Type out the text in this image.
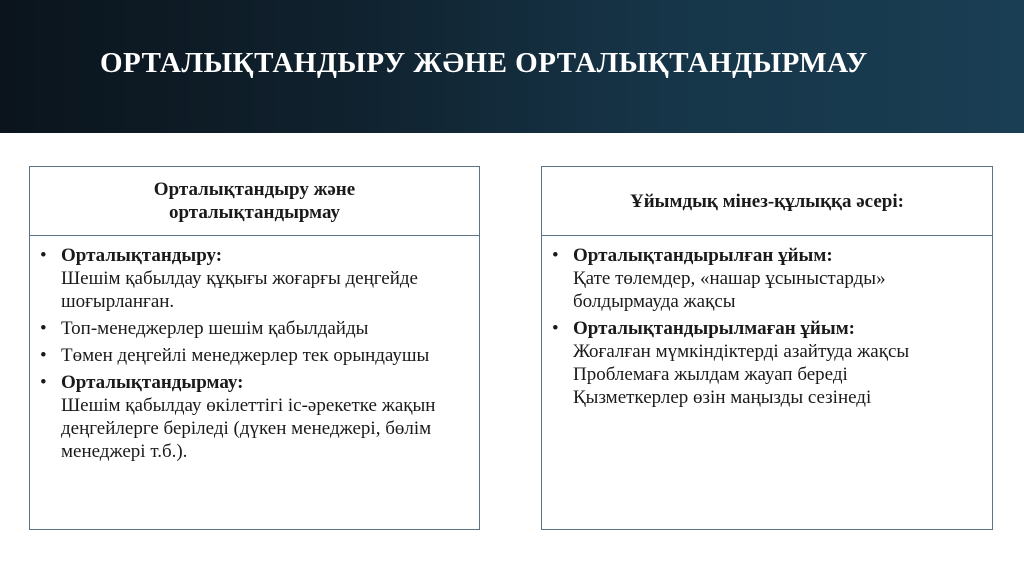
ОРТАЛЫҚТАНДЫРУ ЖӘНЕ ОРТАЛЫҚТАНДЫРМАУ
Орталықтандыру және
орталықтандырмау
• Орталықтандыру:
Шешім қабылдау құқығы жоғарғы деңгейде шоғырланған.
• Топ-менеджерлер шешім қабылдайды
• Төмен деңгейлі менеджерлер тек орындаушы
• Орталықтандырмау:
Шешім қабылдау өкілеттігі іс-әрекетке жақын деңгейлерге беріледі (дүкен менеджері, бөлім менеджері т.б.).
Ұйымдық мінез-құлыққа әсері:
• Орталықтандырылған ұйым:
Қате төлемдер, «нашар ұсыныстарды» болдырмауда жақсы
• Орталықтандырылмаған ұйым:
Жоғалған мүмкіндіктерді азайтуда жақсы
Проблемаға жылдам жауап береді
Қызметкерлер өзін маңызды сезінеді
